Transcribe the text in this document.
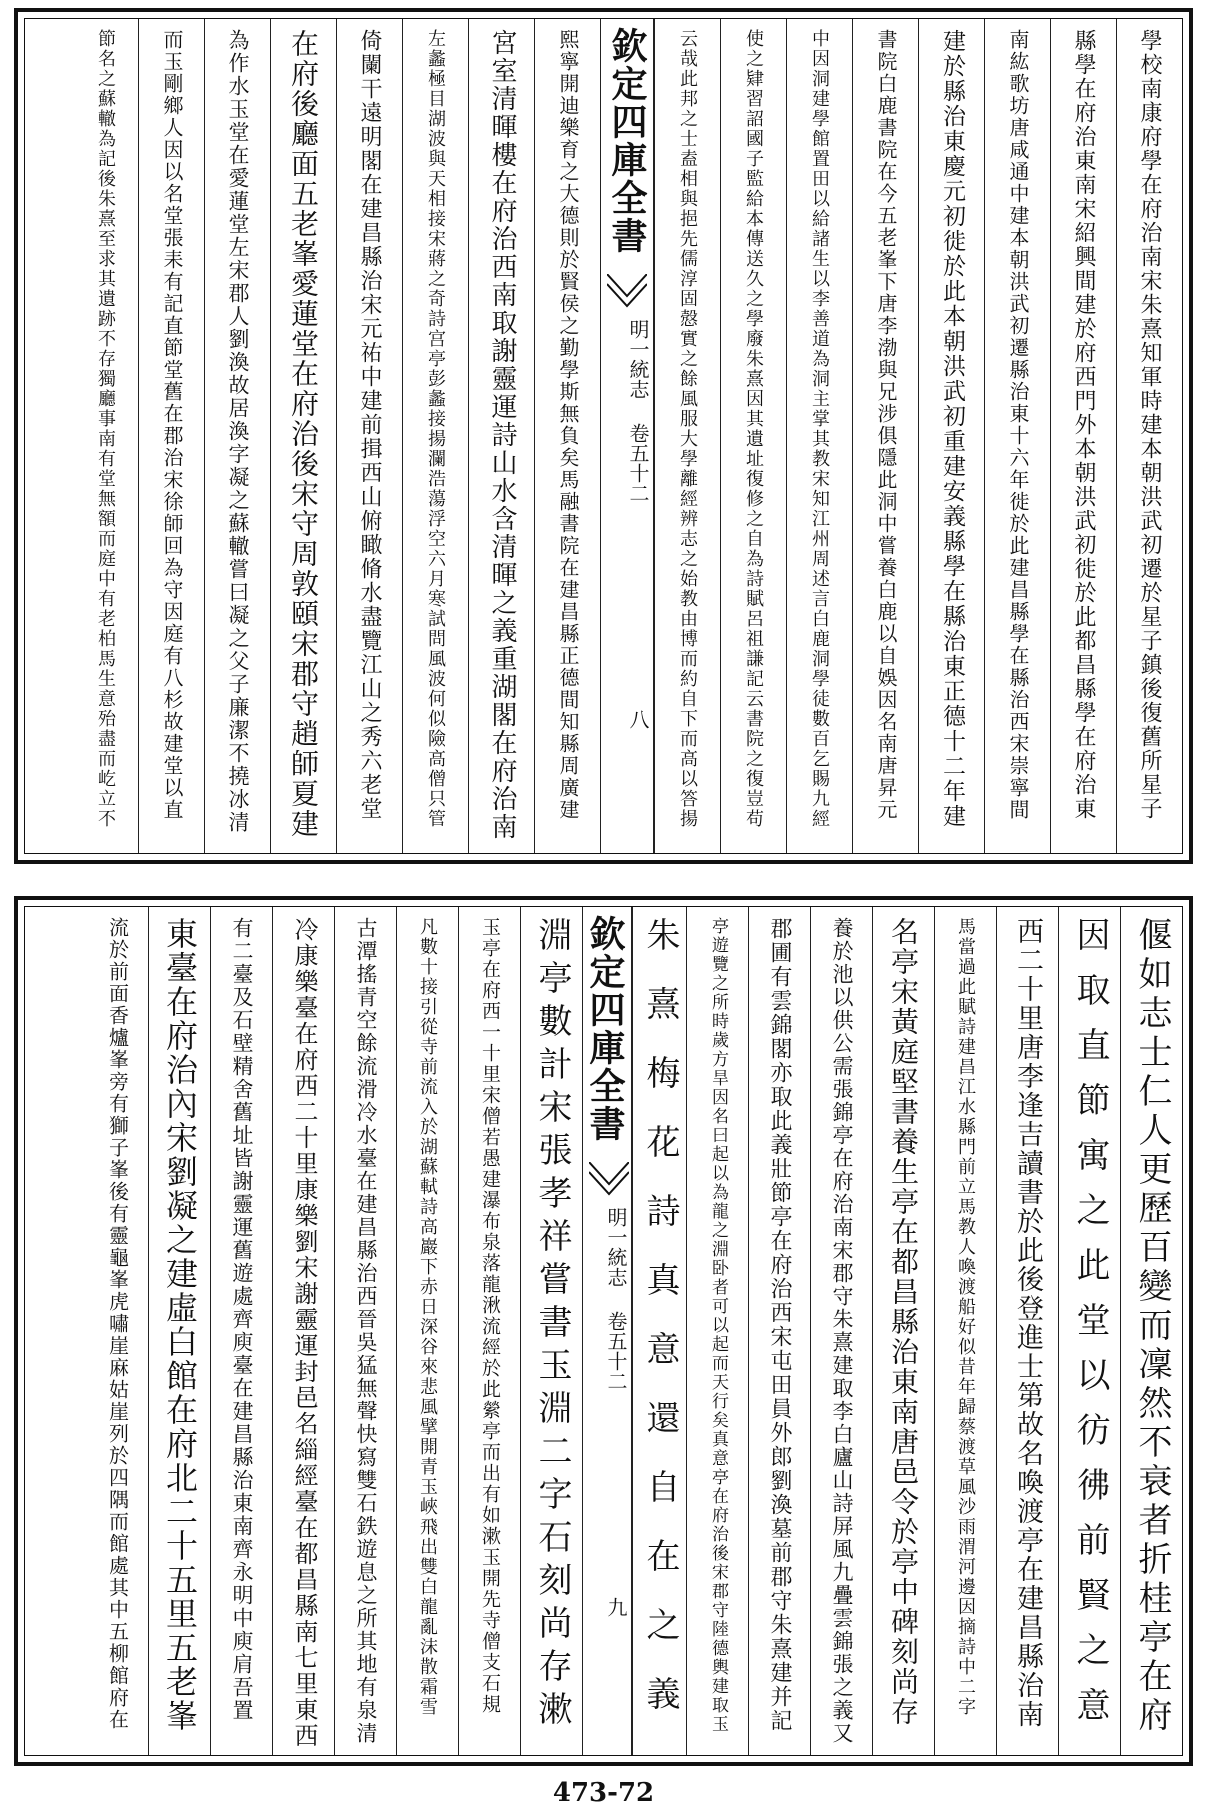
學校南康府學在府治南宋朱熹知軍時建本朝洪武初遷於星子鎮後復舊所星子
縣學在府治東南宋紹興間建於府西門外本朝洪武初徙於此都昌縣學在府治東
南紘歌坊唐咸通中建本朝洪武初遷縣治東十六年徙於此建昌縣學在縣治西宋崇寧間
建於縣治東慶元初徙於此本朝洪武初重建安義縣學在縣治東正德十二年建
書院白鹿書院在今五老峯下唐李渤與兄涉俱隱此洞中嘗養白鹿以自娛因名南唐昇元
中因洞建學館置田以給諸生以李善道為洞主掌其教宋知江州周述言白鹿洞學徒數百乞賜九經
使之肄習詔國子監給本傳送久之學廢朱熹因其遺址復修之自為詩賦呂祖謙記云書院之復豈苟
云哉此邦之士盍相與挹先儒淳固慤實之餘風服大學離經辨志之始教由博而約自下而高以答揚
欽定四庫全書
明一統志 卷五十二
八
熙寧開迪樂育之大德則於賢侯之勤學斯無負矣馬融書院在建昌縣正德間知縣周廣建
宮室清暉樓在府治西南取謝靈運詩山水含清暉之義重湖閣在府治南
左蠡極目湖波與天相接宋蔣之奇詩宫亭彭蠡接揚瀾浩蕩浮空六月寒試問風波何似險高僧只管
倚闌干遠明閣在建昌縣治宋元祐中建前揖西山俯瞰脩水盡覽江山之秀六老堂
在府後廳面五老峯愛蓮堂在府治後宋守周敦頤宋郡守趙師夏建
為作水玉堂在愛蓮堂左宋郡人劉渙故居渙字凝之蘇轍嘗曰凝之父子廉潔不撓冰清
而玉剛鄉人因以名堂張耒有記直節堂舊在郡治宋徐師回為守因庭有八杉故建堂以直
節名之蘇轍為記後朱熹至求其遺跡不存獨廳事南有堂無額而庭中有老柏馬生意殆盡而屹立不
偃如志士仁人更歷百變而凜然不衰者折桂亭在府
因取直節寓之此堂以彷彿前賢之意
西二十里唐李逢吉讀書於此後登進士第故名喚渡亭在建昌縣治南
馬當過此賦詩建昌江水縣門前立馬教人喚渡船好似昔年歸蔡渡草風沙雨渭河邊因摘詩中二字
名亭宋黃庭堅書養生亭在都昌縣治東南唐邑令於亭中碑刻尚存
養於池以供公需張錦亭在府治南宋郡守朱熹建取李白廬山詩屏風九疊雲錦張之義又
郡圃有雲錦閣亦取此義壯節亭在府治西宋屯田員外郎劉渙墓前郡守朱熹建并記
亭遊覽之所時歲方旱因名曰起以為龍之淵卧者可以起而天行矣真意亭在府治後宋郡守陸德輿建取玉
朱熹梅花詩真意還自在之義
欽定四庫全書
明一統志 卷五十二
九
淵亭數計宋張孝祥嘗書玉淵二字石刻尚存漱
玉亭在府西一十里宋僧若愚建瀑布泉落龍湫流經於此縈亭而出有如漱玉開先寺僧支石規
凡數十接引從寺前流入於湖蘇軾詩高巖下赤日深谷來悲風擘開青玉峽飛出雙白龍亂沫散霜雪
古潭搖青空餘流滑冷水臺在建昌縣治西晉吳猛無聲快寫雙石鉄遊息之所其地有泉清
冷康樂臺在府西二十里康樂劉宋謝靈運封邑名緇經臺在都昌縣南七里東西
有二臺及石壁精舍舊址皆謝靈運舊遊處齊庾臺在建昌縣治東南齊永明中庾肩吾置
東臺在府治內宋劉凝之建虛白館在府北二十五里五老峯
流於前面香爐峯旁有獅子峯後有靈龜峯虎嘯崖麻姑崖列於四隅而館處其中五柳館府在
473-72
